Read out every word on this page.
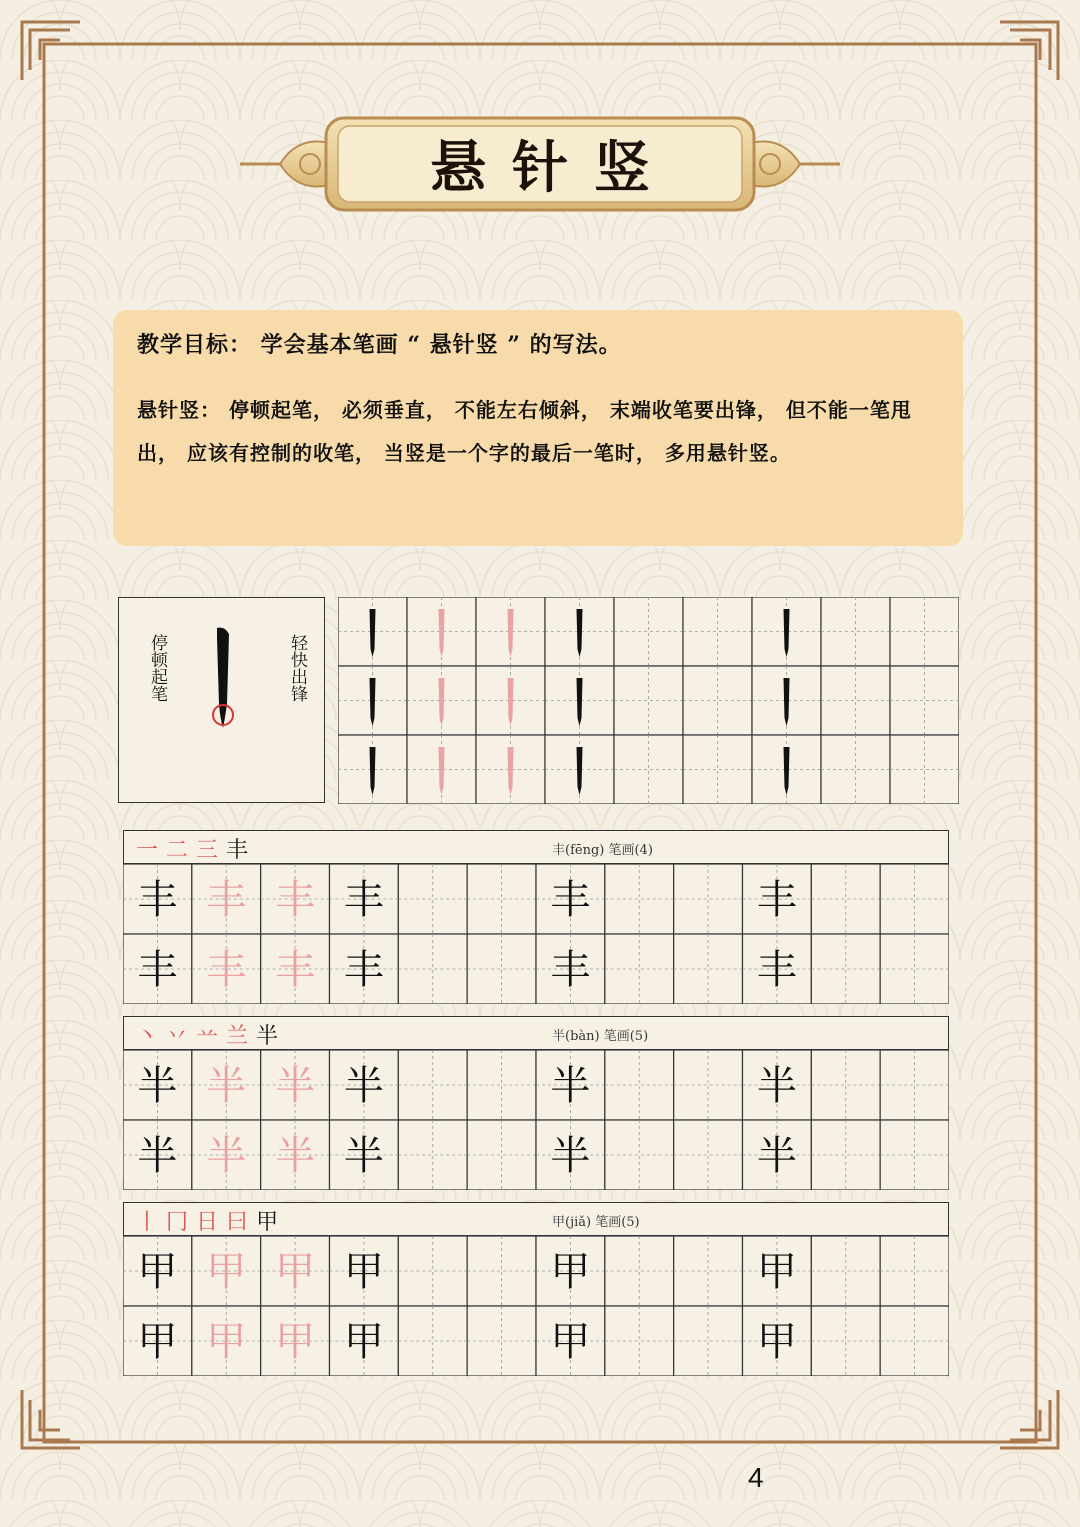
悬针竖

教学目标： 学会基本笔画 “ 悬针竖 ” 的写法。

悬针竖： 停顿起笔， 必须垂直， 不能左右倾斜， 末端收笔要出锋， 但不能一笔甩出， 应该有控制的收笔， 当竖是一个字的最后一笔时， 多用悬针竖。

停顿起笔	轻快出锋
一 二 三 丰	丰(fēng) 笔画(4)
丰 丰 丰 丰	丰	丰
丰 丰 丰 丰	丰	丰
丶 丷 䒑 兰 半	半(bàn) 笔画(5)
半 半 半 半	半	半
半 半 半 半	半	半
丨 冂 日 曰 甲	甲(jiǎ) 笔画(5)
甲 甲 甲 甲	甲	甲
甲 甲 甲 甲	甲	甲
4
